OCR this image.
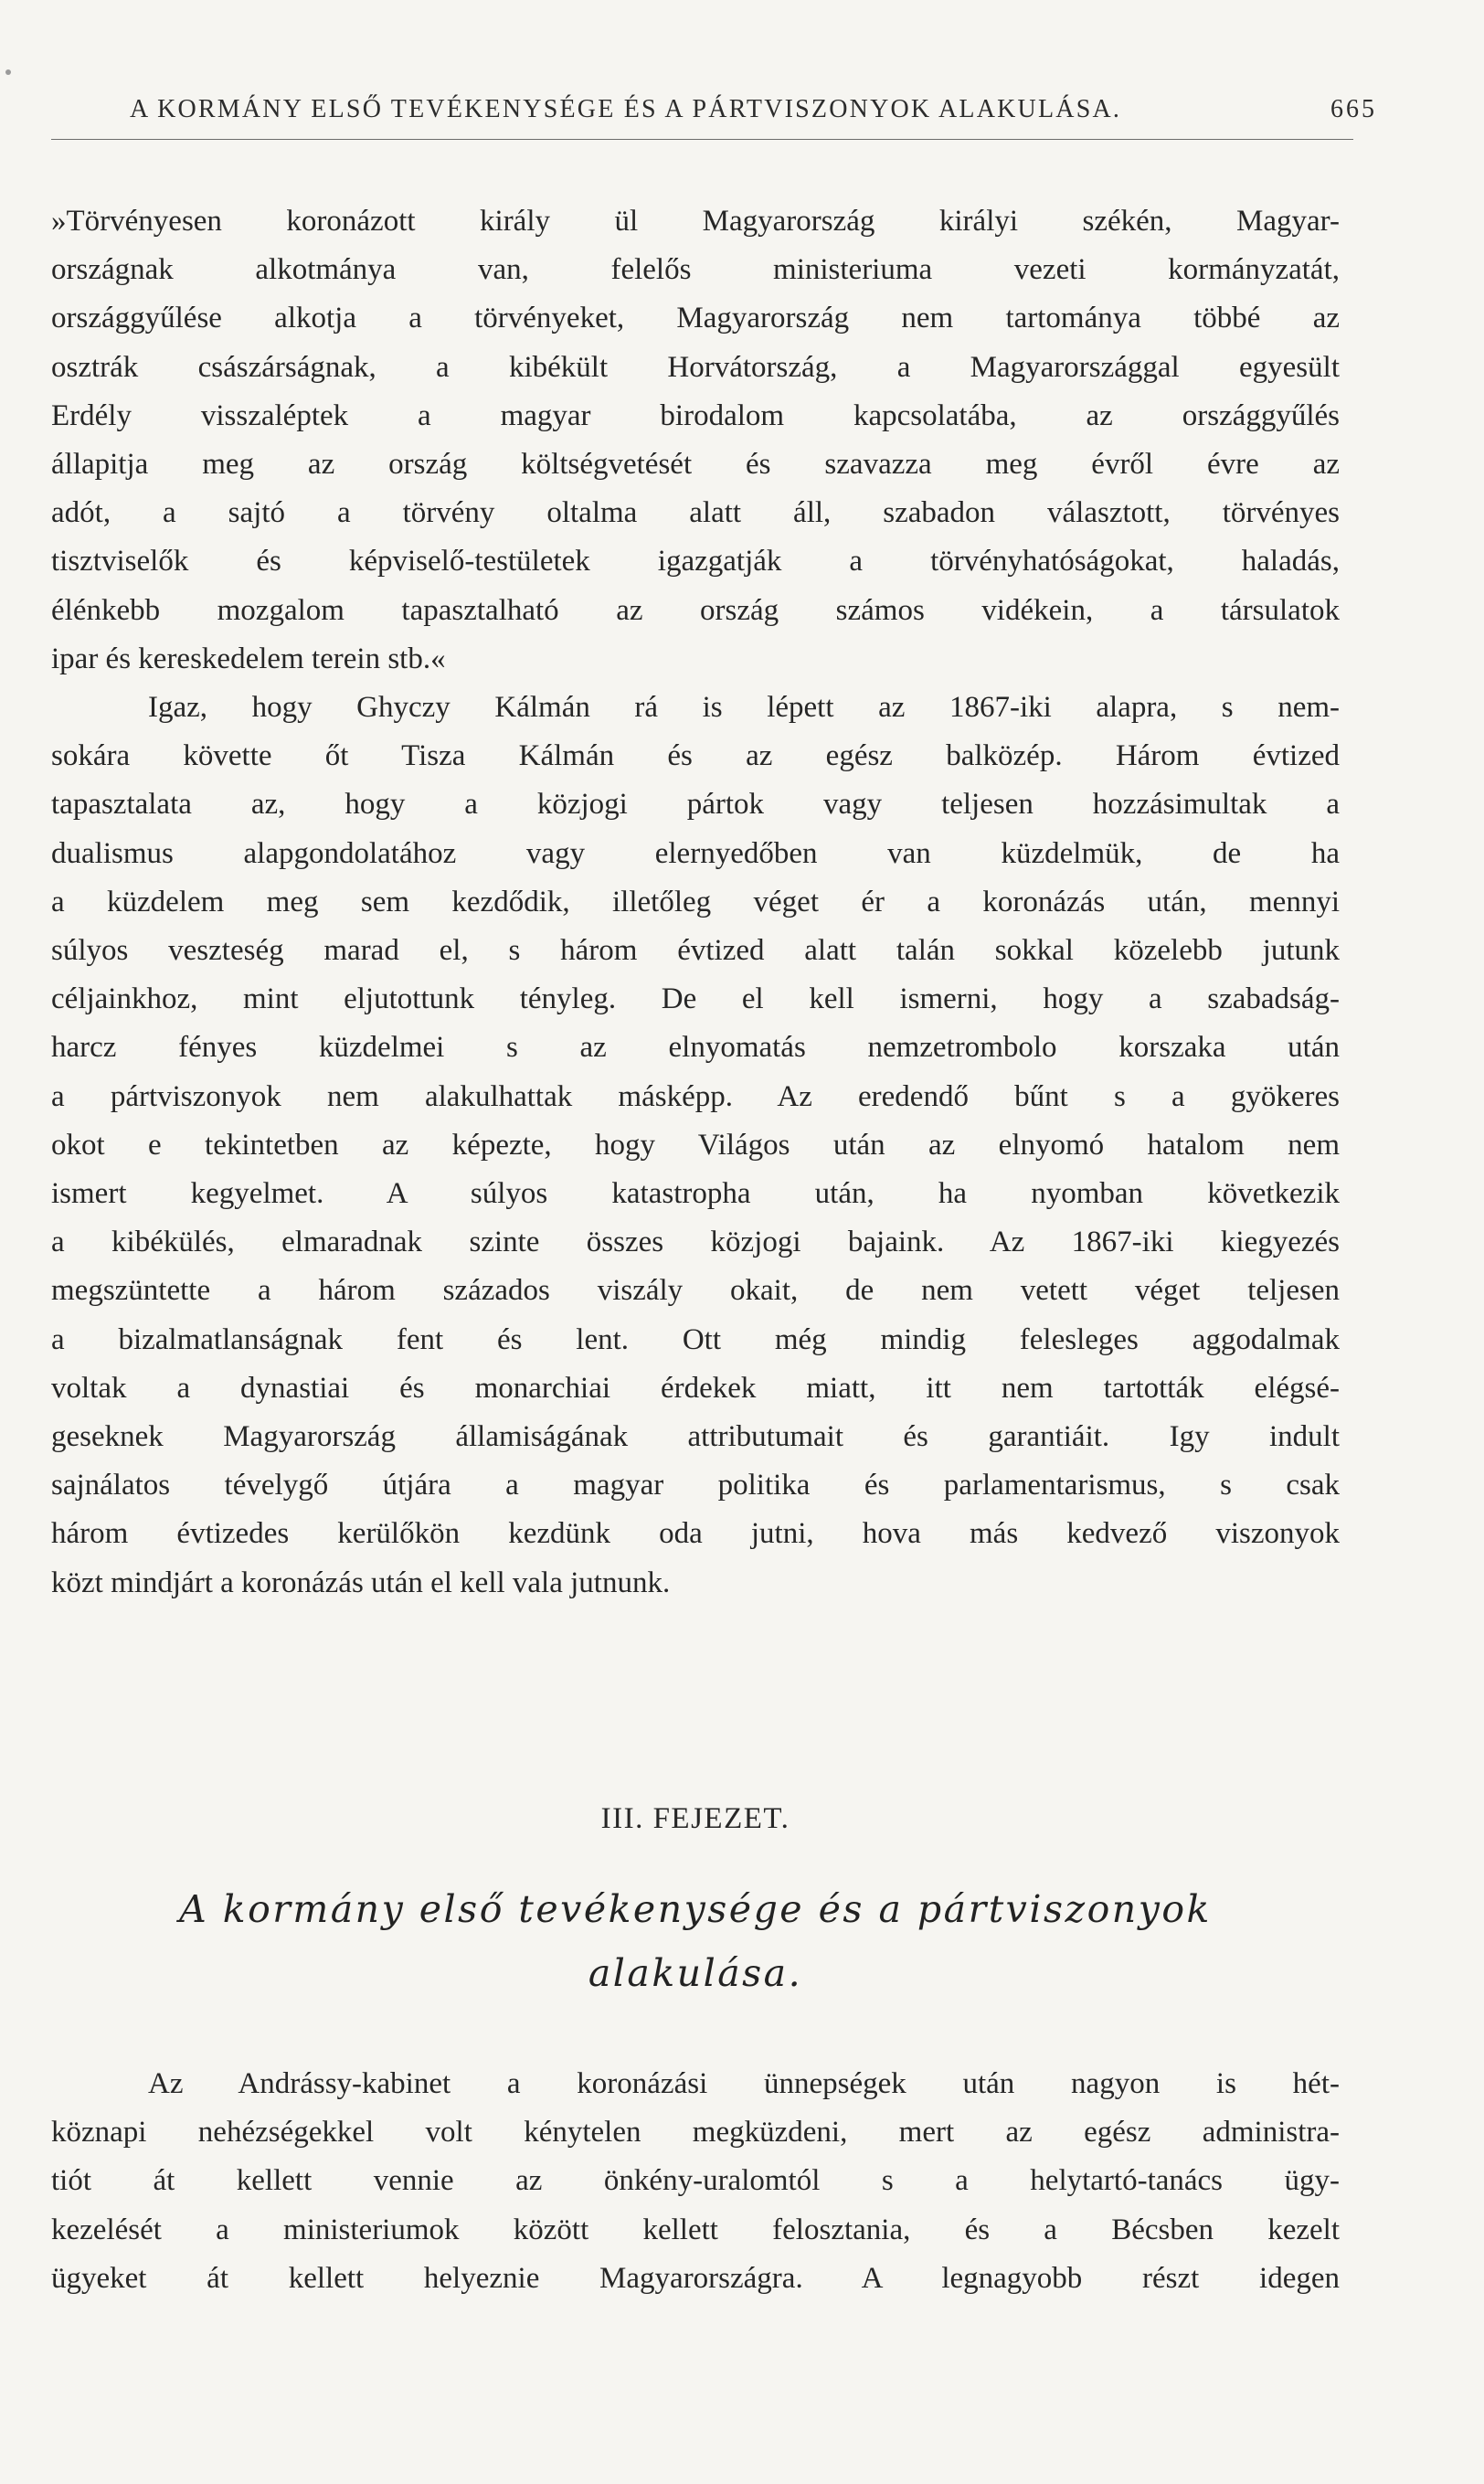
A KORMÁNY ELSŐ TEVÉKENYSÉGE ÉS A PÁRTVISZONYOK ALAKULÁSA.	665
»Törvényesen koronázott király ül Magyarország királyi székén, Magyar-
országnak alkotmánya van, felelős ministeriuma vezeti kormányzatát,
országgyűlése alkotja a törvényeket, Magyarország nem tartománya többé az
osztrák császárságnak, a kibékült Horvátország, a Magyarországgal egyesült
Erdély visszaléptek a magyar birodalom kapcsolatába, az országgyűlés
állapitja meg az ország költségvetését és szavazza meg évről évre az
adót, a sajtó a törvény oltalma alatt áll, szabadon választott, törvényes
tisztviselők és képviselő-testületek igazgatják a törvényhatóságokat, haladás,
élénkebb mozgalom tapasztalható az ország számos vidékein, a társulatok
ipar és kereskedelem terein stb.«
Igaz, hogy Ghyczy Kálmán rá is lépett az 1867-iki alapra, s nem-
sokára követte őt Tisza Kálmán és az egész balközép. Három évtized
tapasztalata az, hogy a közjogi pártok vagy teljesen hozzásimultak a
dualismus alapgondolatához vagy elernyedőben van küzdelmük, de ha
a küzdelem meg sem kezdődik, illetőleg véget ér a koronázás után, mennyi
súlyos veszteség marad el, s három évtized alatt talán sokkal közelebb jutunk
céljainkhoz, mint eljutottunk tényleg. De el kell ismerni, hogy a szabadság-
harcz fényes küzdelmei s az elnyomatás nemzetrombolo korszaka után
a pártviszonyok nem alakulhattak másképp. Az eredendő bűnt s a gyökeres
okot e tekintetben az képezte, hogy Világos után az elnyomó hatalom nem
ismert kegyelmet. A súlyos katastropha után, ha nyomban következik
a kibékülés, elmaradnak szinte összes közjogi bajaink. Az 1867-iki kiegyezés
megszüntette a három százados viszály okait, de nem vetett véget teljesen
a bizalmatlanságnak fent és lent. Ott még mindig felesleges aggodalmak
voltak a dynastiai és monarchiai érdekek miatt, itt nem tartották elégsé-
geseknek Magyarország államiságának attributumait és garantiáit. Igy indult
sajnálatos tévelygő útjára a magyar politika és parlamentarismus, s csak
három évtizedes kerülőkön kezdünk oda jutni, hova más kedvező viszonyok
közt mindjárt a koronázás után el kell vala jutnunk.
III. FEJEZET.
A kormány első tevékenysége és a pártviszonyok
alakulása.
Az Andrássy-kabinet a koronázási ünnepségek után nagyon is hét-
köznapi nehézségekkel volt kénytelen megküzdeni, mert az egész administra-
tiót át kellett vennie az önkény-uralomtól s a helytartó-tanács ügy-
kezelését a ministeriumok között kellett felosztania, és a Bécsben kezelt
ügyeket át kellett helyeznie Magyarországra. A legnagyobb részt idegen
